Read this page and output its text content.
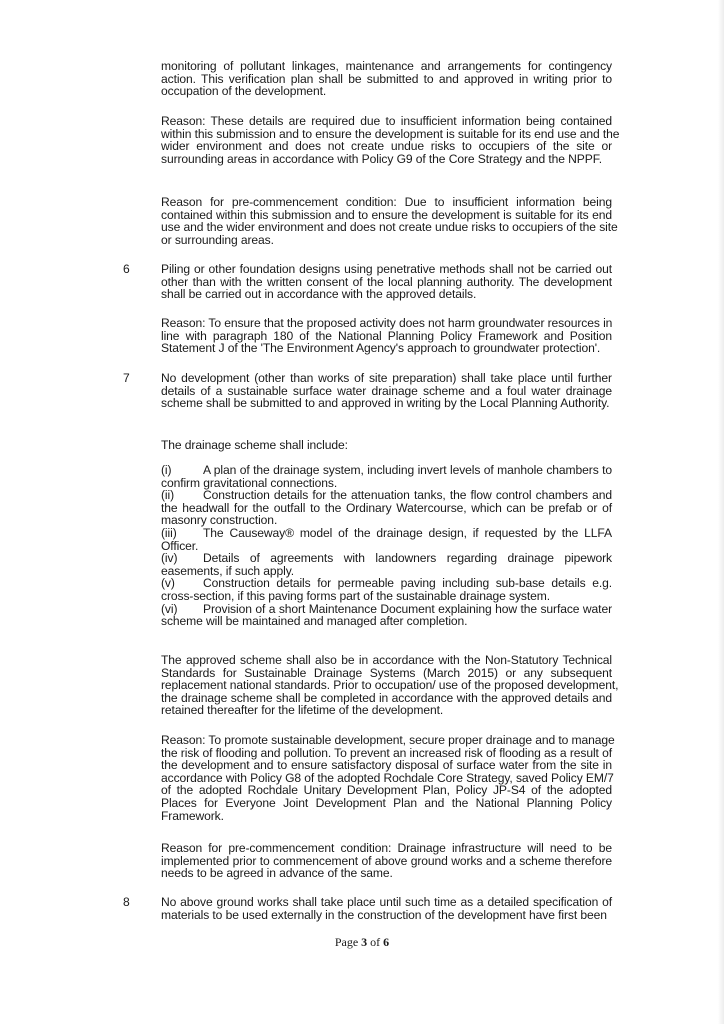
monitoring of pollutant linkages, maintenance and arrangements for contingency
action. This verification plan shall be submitted to and approved in writing prior to
occupation of the development.
Reason: These details are required due to insufficient information being contained
within this submission and to ensure the development is suitable for its end use and the
wider environment and does not create undue risks to occupiers of the site or
surrounding areas in accordance with Policy G9 of the Core Strategy and the NPPF.
Reason for pre-commencement condition: Due to insufficient information being
contained within this submission and to ensure the development is suitable for its end
use and the wider environment and does not create undue risks to occupiers of the site
or surrounding areas.
6	Piling or other foundation designs using penetrative methods shall not be carried out
other than with the written consent of the local planning authority. The development
shall be carried out in accordance with the approved details.
Reason: To ensure that the proposed activity does not harm groundwater resources in
line with paragraph 180 of the National Planning Policy Framework and Position
Statement J of the 'The Environment Agency's approach to groundwater protection'.
7	No development (other than works of site preparation) shall take place until further
details of a sustainable surface water drainage scheme and a foul water drainage
scheme shall be submitted to and approved in writing by the Local Planning Authority.
The drainage scheme shall include:
The approved scheme shall also be in accordance with the Non-Statutory Technical
Standards for Sustainable Drainage Systems (March 2015) or any subsequent
replacement national standards. Prior to occupation/ use of the proposed development,
the drainage scheme shall be completed in accordance with the approved details and
retained thereafter for the lifetime of the development.
Reason: To promote sustainable development, secure proper drainage and to manage
the risk of flooding and pollution. To prevent an increased risk of flooding as a result of
the development and to ensure satisfactory disposal of surface water from the site in
accordance with Policy G8 of the adopted Rochdale Core Strategy, saved Policy EM/7
of the adopted Rochdale Unitary Development Plan, Policy JP-S4 of the adopted
Places for Everyone Joint Development Plan and the National Planning Policy
Framework.
Reason for pre-commencement condition: Drainage infrastructure will need to be
implemented prior to commencement of above ground works and a scheme therefore
needs to be agreed in advance of the same.
8	No above ground works shall take place until such time as a detailed specification of
materials to be used externally in the construction of the development have first been
(i)	A plan of the drainage system, including invert levels of manhole chambers to
confirm gravitational connections.
(ii) Construction details for the attenuation tanks, the flow control chambers and
the headwall for the outfall to the Ordinary Watercourse, which can be prefab or of
masonry construction.
(iii) The Causeway® model of the drainage design, if requested by the LLFA
Officer.
(iv) Details of agreements with landowners regarding drainage pipework
easements, if such apply.
(v) Construction details for permeable paving including sub-base details e.g.
cross-section, if this paving forms part of the sustainable drainage system.
(vi) Provision of a short Maintenance Document explaining how the surface water
scheme will be maintained and managed after completion.
Page 3 of 6
